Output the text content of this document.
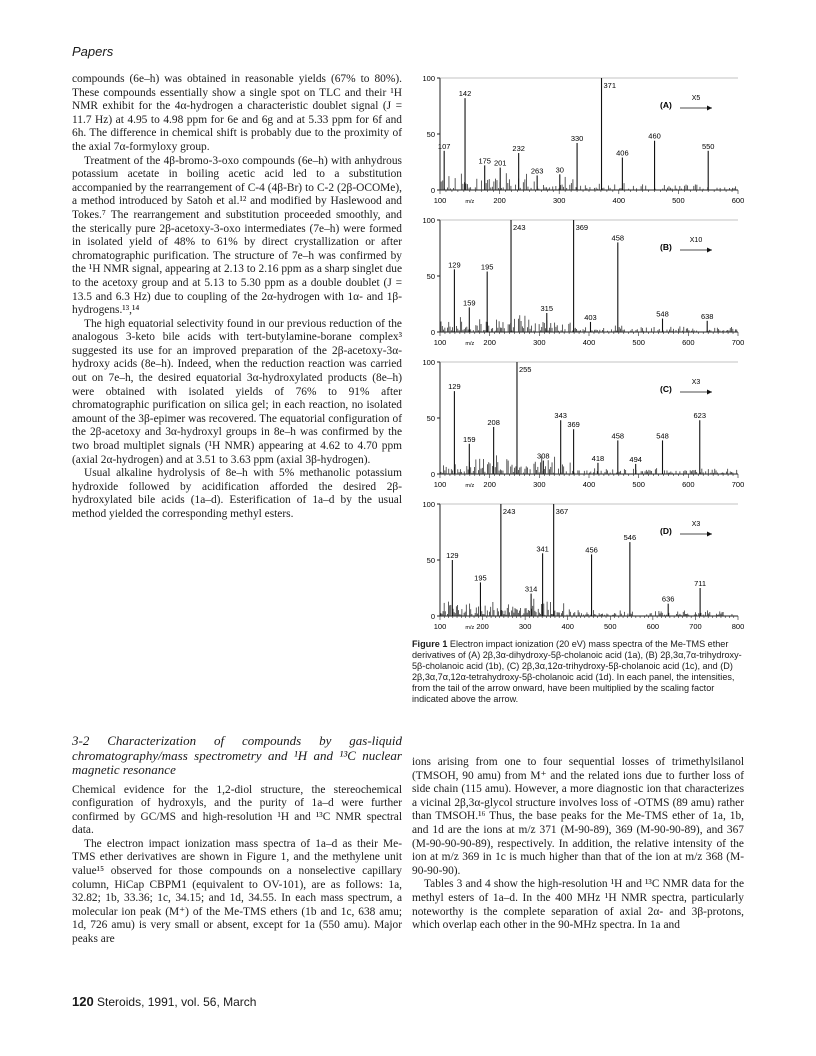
Papers

compounds (6e–h) was obtained in reasonable yields (67% to 80%). These compounds essentially show a single spot on TLC and their ¹H NMR exhibit for the 4α-hydrogen a characteristic doublet signal (J = 11.7 Hz) at 4.95 to 4.98 ppm for 6e and 6g and at 5.33 ppm for 6f and 6h. The difference in chemical shift is probably due to the proximity of the axial 7α-formyloxy group.

Treatment of the 4β-bromo-3-oxo compounds (6e–h) with anhydrous potassium acetate in boiling acetic acid led to a substitution accompanied by the rearrangement of C-4 (4β-Br) to C-2 (2β-OCOMe), a method introduced by Satoh et al.¹² and modified by Haslewood and Tokes.⁷ The rearrangement and substitution proceeded smoothly, and the sterically pure 2β-acetoxy-3-oxo intermediates (7e–h) were formed in isolated yield of 48% to 61% by direct crystallization or after chromatographic purification. The structure of 7e–h was confirmed by the ¹H NMR signal, appearing at 2.13 to 2.16 ppm as a sharp singlet due to the acetoxy group and at 5.13 to 5.30 ppm as a double doublet (J = 13.5 and 6.3 Hz) due to coupling of the 2α-hydrogen with 1α- and 1β-hydrogens.¹³,¹⁴

The high equatorial selectivity found in our previous reduction of the analogous 3-keto bile acids with tert-butylamine-borane complex³ suggested its use for an improved preparation of the 2β-acetoxy-3α-hydroxy acids (8e–h). Indeed, when the reduction reaction was carried out on 7e–h, the desired equatorial 3α-hydroxylated products (8e–h) were obtained with isolated yields of 76% to 91% after chromatographic purification on silica gel; in each reaction, no isolated amount of the 3β-epimer was recovered. The equatorial configuration of the 2β-acetoxy and 3α-hydroxyl groups in 8e–h was confirmed by the two broad multiplet signals (¹H NMR) appearing at 4.62 to 4.70 ppm (axial 2α-hydrogen) and at 3.51 to 3.63 ppm (axial 3β-hydrogen).

Usual alkaline hydrolysis of 8e–h with 5% methanolic potassium hydroxide followed by acidification afforded the desired 2β-hydroxylated bile acids (1a–d). Esterification of 1a–d by the usual method yielded the corresponding methyl esters.

3-2 Characterization of compounds by gas-liquid chromatography/mass spectrometry and ¹H and ¹³C nuclear magnetic resonance

Chemical evidence for the 1,2-diol structure, the stereochemical configuration of hydroxyls, and the purity of 1a–d were further confirmed by GC/MS and high-resolution ¹H and ¹³C NMR spectral data.

The electron impact ionization mass spectra of 1a–d as their Me-TMS ether derivatives are shown in Figure 1, and the methylene unit value¹⁵ observed for those compounds on a nonselective capillary column, HiCap CBPM1 (equivalent to OV-101), are as follows: 1a, 32.82; 1b, 33.36; 1c, 34.15; and 1d, 34.55. In each mass spectrum, a molecular ion peak (M⁺) of the Me-TMS ethers (1b and 1c, 638 amu; 1d, 726 amu) is very small or absent, except for 1a (550 amu). Major peaks are

0
50
100
100	200	300	400	500	600
m/z
107
142
175 201
232
263 30
330
371
406
460
550
(A)
X5
0
50
100
100	200	300	400	500	600	700
m/z
129
159
195
243
315
369
403
458
548	638
(B)
X10
0
50
100
100	200	300	400	500	600	700
m/z
129
159
208
255
308
343
369
418
458
494
548
623
(C)
X3
0
50
100
100	200	300	400	500	600	700	800
m/z
129
195
243
314
341
367
456
546
636
711
(D)
X3
Figure 1 Electron impact ionization (20 eV) mass spectra of the Me-TMS ether derivatives of (A) 2β,3α-dihydroxy-5β-cholanoic acid (1a), (B) 2β,3α,7α-trihydroxy-5β-cholanoic acid (1b), (C) 2β,3α,12α-trihydroxy-5β-cholanoic acid (1c), and (D) 2β,3α,7α,12α-tetrahydroxy-5β-cholanoic acid (1d). In each panel, the intensities, from the tail of the arrow onward, have been multiplied by the scaling factor indicated above the arrow.

ions arising from one to four sequential losses of trimethylsilanol (TMSOH, 90 amu) from M⁺ and the related ions due to further loss of side chain (115 amu). However, a more diagnostic ion that characterizes a vicinal 2β,3α-glycol structure involves loss of -OTMS (89 amu) rather than TMSOH.¹⁶ Thus, the base peaks for the Me-TMS ether of 1a, 1b, and 1d are the ions at m/z 371 (M-90-89), 369 (M-90-90-89), and 367 (M-90-90-90-89), respectively. In addition, the relative intensity of the ion at m/z 369 in 1c is much higher than that of the ion at m/z 368 (M-90-90-90).

Tables 3 and 4 show the high-resolution ¹H and ¹³C NMR data for the methyl esters of 1a–d. In the 400 MHz ¹H NMR spectra, particularly noteworthy is the complete separation of axial 2α- and 3β-protons, which overlap each other in the 90-MHz spectra. In 1a and

120 Steroids, 1991, vol. 56, March
